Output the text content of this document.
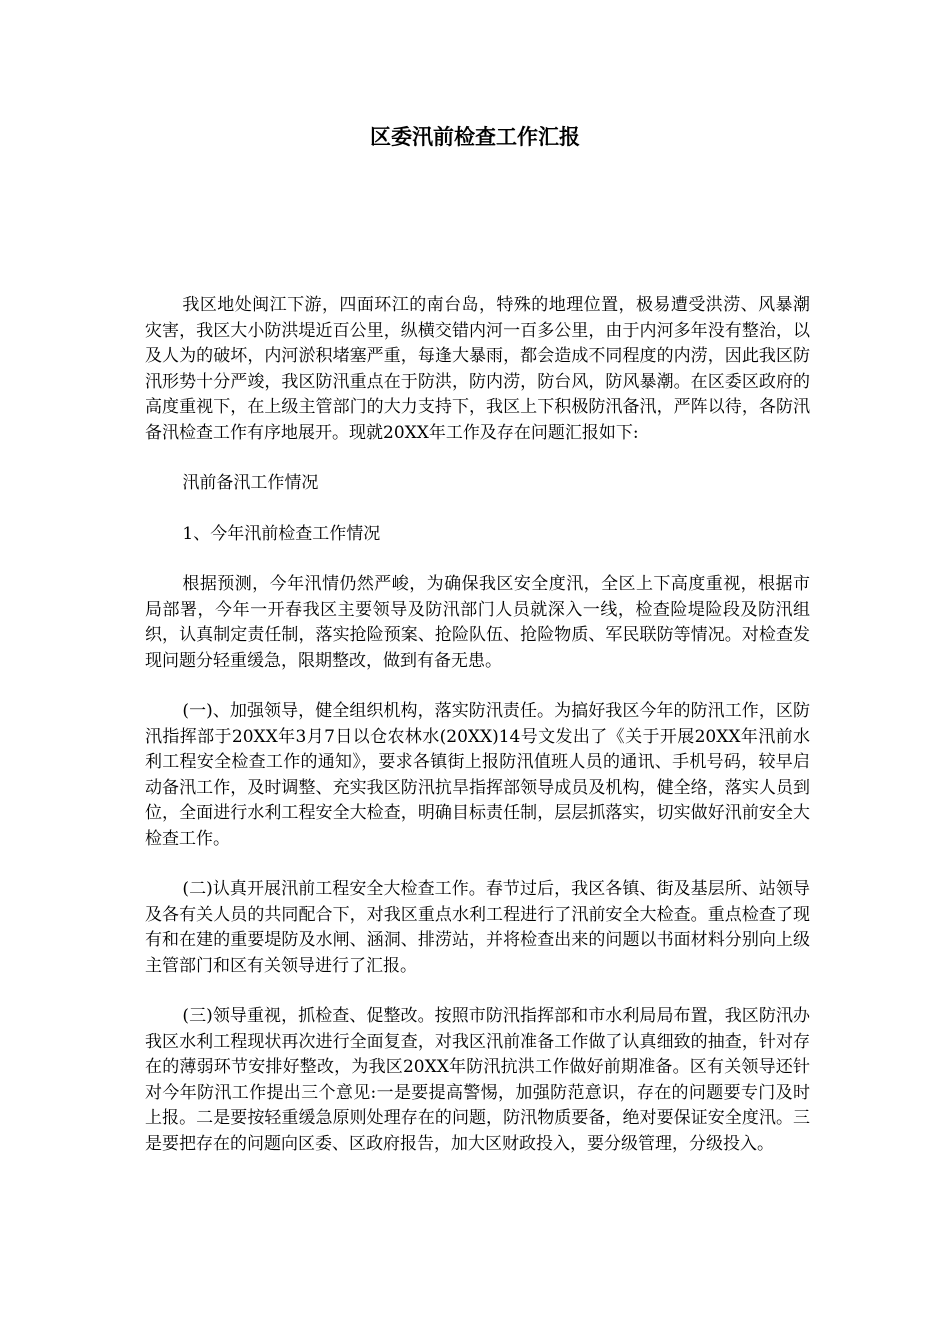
区委汛前检查工作汇报

我区地处闽江下游，四面环江的南台岛，特殊的地理位置，极易遭受洪涝、风暴潮灾害，我区大小防洪堤近百公里，纵横交错内河一百多公里，由于内河多年没有整治，以及人为的破坏，内河淤积堵塞严重，每逢大暴雨，都会造成不同程度的内涝，因此我区防汛形势十分严竣，我区防汛重点在于防洪，防内涝，防台风，防风暴潮。在区委区政府的高度重视下，在上级主管部门的大力支持下，我区上下积极防汛备汛，严阵以待，各防汛备汛检查工作有序地展开。现就20XX年工作及存在问题汇报如下:

汛前备汛工作情况

1、今年汛前检查工作情况

根据预测，今年汛情仍然严峻，为确保我区安全度汛，全区上下高度重视，根据市局部署，今年一开春我区主要领导及防汛部门人员就深入一线，检查险堤险段及防汛组织，认真制定责任制，落实抢险预案、抢险队伍、抢险物质、军民联防等情况。对检查发现问题分轻重缓急，限期整改，做到有备无患。

(一)、加强领导，健全组织机构，落实防汛责任。为搞好我区今年的防汛工作，区防汛指挥部于20XX年3月7日以仓农林水(20XX)14号文发出了《关于开展20XX年汛前水利工程安全检查工作的通知》，要求各镇街上报防汛值班人员的通讯、手机号码，较早启动备汛工作，及时调整、充实我区防汛抗旱指挥部领导成员及机构，健全络，落实人员到位，全面进行水利工程安全大检查，明确目标责任制，层层抓落实，切实做好汛前安全大检查工作。

(二)认真开展汛前工程安全大检查工作。春节过后，我区各镇、街及基层所、站领导及各有关人员的共同配合下，对我区重点水利工程进行了汛前安全大检查。重点检查了现有和在建的重要堤防及水闸、涵洞、排涝站，并将检查出来的问题以书面材料分别向上级主管部门和区有关领导进行了汇报。

(三)领导重视，抓检查、促整改。按照市防汛指挥部和市水利局局布置，我区防汛办我区水利工程现状再次进行全面复查，对我区汛前准备工作做了认真细致的抽查，针对存在的薄弱环节安排好整改，为我区20XX年防汛抗洪工作做好前期准备。区有关领导还针对今年防汛工作提出三个意见:一是要提高警惕，加强防范意识，存在的问题要专门及时上报。二是要按轻重缓急原则处理存在的问题，防汛物质要备，绝对要保证安全度汛。三是要把存在的问题向区委、区政府报告，加大区财政投入，要分级管理，分级投入。
